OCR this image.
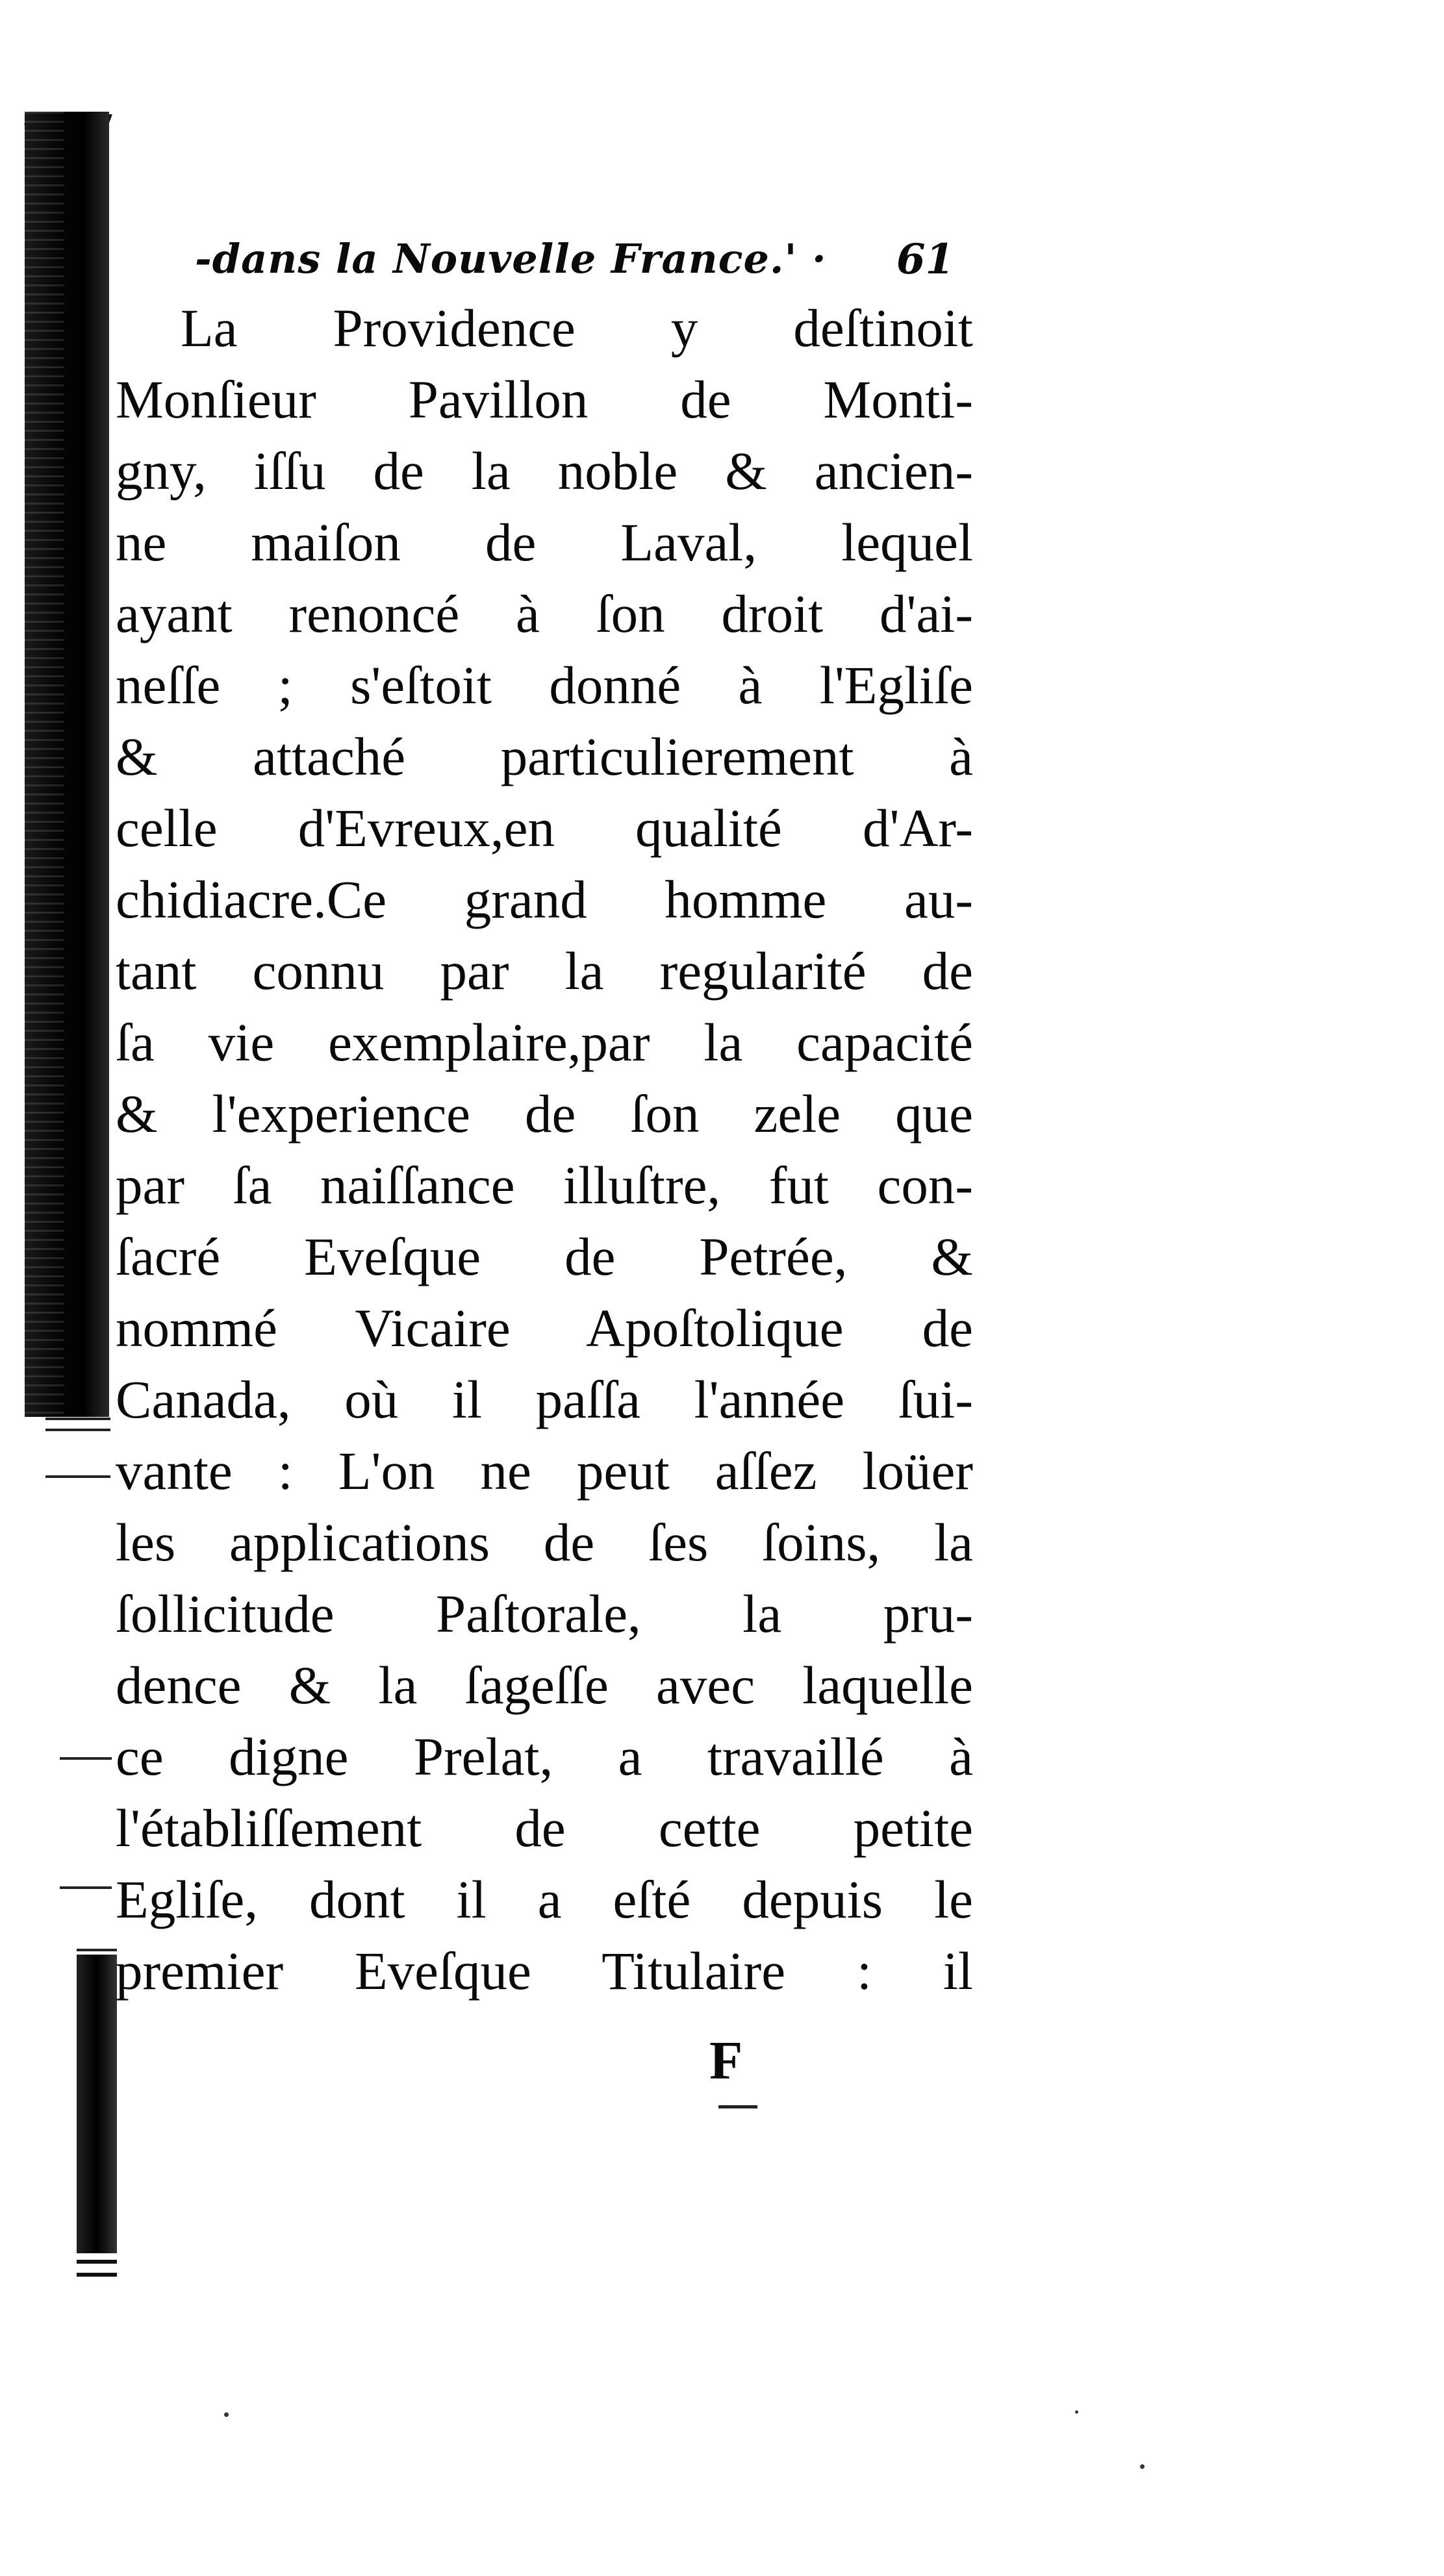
-dans la Nouvelle France.' · 61
La Providence y deſtinoit
Monſieur Pavillon de Monti-
gny, iſſu de la noble & ancien-
ne maiſon de Laval, lequel
ayant renoncé à ſon droit d'ai-
neſſe ; s'eſtoit donné à l'Egliſe
& attaché particulierement à
celle d'Evreux,en qualité d'Ar-
chidiacre.Ce grand homme au-
tant connu par la regularité de
ſa vie exemplaire,par la capacité
& l'experience de ſon zele que
par ſa naiſſance illuſtre, fut con-
ſacré Eveſque de Petrée, &
nommé Vicaire Apoſtolique de
Canada, où il paſſa l'année ſui-
vante : L'on ne peut aſſez loüer
les applications de ſes ſoins, la
ſollicitude Paſtorale, la pru-
dence & la ſageſſe avec laquelle
ce digne Prelat, a travaillé à
l'établiſſement de cette petite
Egliſe, dont il a eſté depuis le
premier Eveſque Titulaire : il
F
